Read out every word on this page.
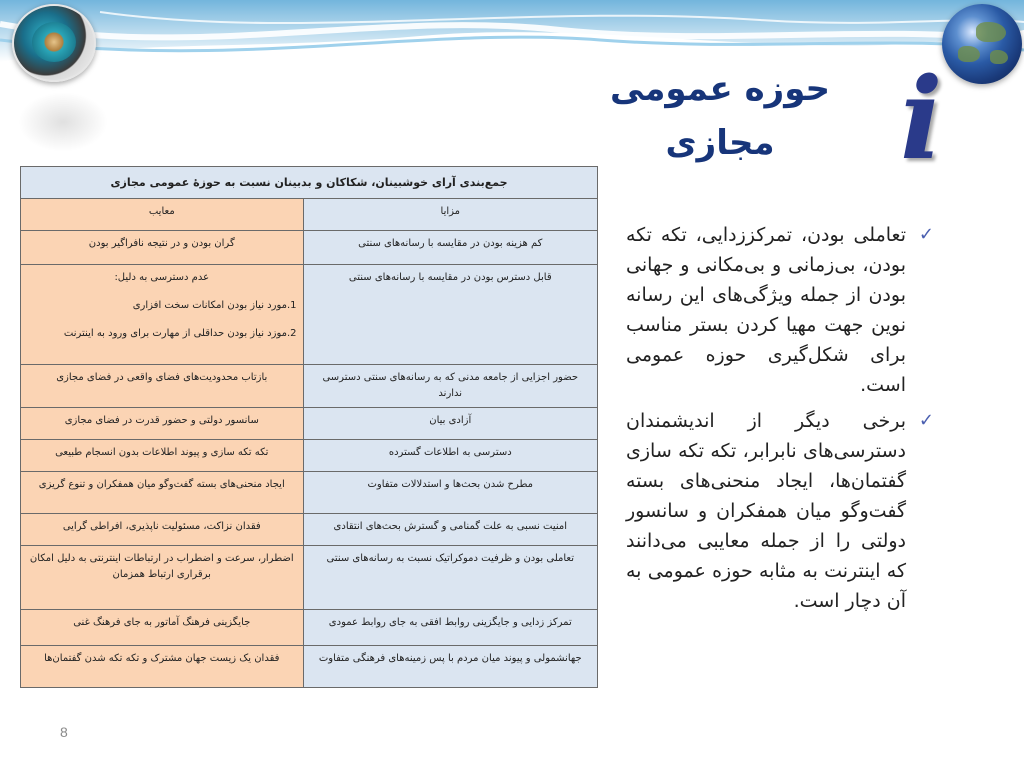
i
حوزه عمومی
مجازی
جمع‌بندی آرای خوشبینان، شکاکان و بدبینان نسبت به حوزۀ عمومی مجازی	
مزایا	معایب
کم هزینه بودن در مقایسه با رسانه‌های سنتی	گران بودن و در نتیجه نافراگیر بودن
قابل دسترس بودن در مقایسه با رسانه‌های سنتی	عدم دسترسی به دلیل:
1.مورد نیاز بودن امکانات سخت افزاری
2.موزد نیاز بودن حداقلی از مهارت برای ورود به اینترنت

حضور اجزایی از جامعه مدنی که به رسانه‌های سنتی دسترسی ندارند	بازتاب محدودیت‌های فضای واقعی در فضای مجازی
آزادی بیان	سانسور دولتی و حضور قدرت در فضای مجازی
دسترسی به اطلاعات گسترده	تکه تکه سازی و پیوند اطلاعات بدون انسجام طبیعی
مطرح شدن بحث‌ها و استدلالات متفاوت	ایجاد منحنی‌های بسته گفت‌وگو میان همفکران و تنوع گریزی
امنیت نسبی به علت گمنامی و گسترش بحث‌های انتقادی	فقدان نزاکت، مسئولیت ناپذیری، افراطی گرایی
تعاملی بودن و ظرفیت دموکراتیک نسبت به رسانه‌های سنتی	اضطرار، سرعت و اضطراب در ارتباطات اینترنتی به دلیل امکان برقراری ارتباط همزمان
تمرکز زدایی و جایگزینی روابط افقی به جای روابط عمودی	جایگزینی فرهنگ آماتور به جای فرهنگ غنی
جهانشمولی و پیوند میان مردم با پس زمینه‌های فرهنگی متفاوت	فقدان یک زیست جهان مشترک و تکه تکه شدن گفتمان‌ها
✓
تعاملی بودن، تمرکززدایی، تکه تکه بودن، بی‌زمانی و بی‌مکانی و جهانی بودن از جمله ویژگی‌های این رسانه نوین جهت مهیا کردن بستر مناسب برای شکل‌گیری حوزه عمومی است.
✓
برخی دیگر از اندیشمندان دسترسی‌های نابرابر، تکه تکه سازی گفتمان‌ها، ایجاد منحنی‌های بسته گفت‌وگو میان همفکران و سانسور دولتی را از جمله معایبی می‌دانند که اینترنت به مثابه حوزه عمومی به آن دچار است.
8
